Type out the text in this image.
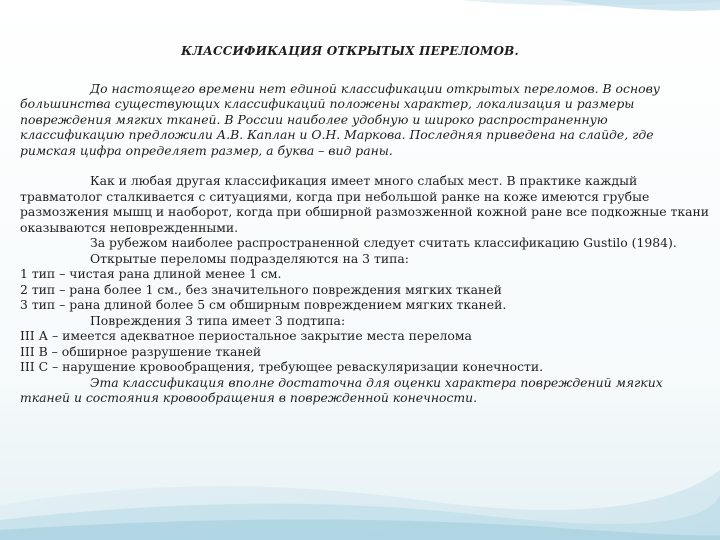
КЛАССИФИКАЦИЯ ОТКРЫТЫХ ПЕРЕЛОМОВ.

До настоящего времени нет единой классификации открытых переломов. В основу большинства существующих классификаций положены характер, локализация и размеры повреждения мягких тканей. В России наиболее удобную и широко распространенную классификацию предложили А.В. Каплан и О.Н. Маркова. Последняя приведена на слайде, где римская цифра определяет размер, а буква – вид раны.

Как и любая другая классификация имеет много слабых мест. В практике каждый травматолог сталкивается с ситуациями, когда при небольшой ранке на коже имеются грубые размозжения мышц и наоборот, когда при обширной размозженной кожной ране все подкожные ткани оказываются неповрежденными.

За рубежом наиболее распространенной следует считать классификацию Gustilo (1984).

Открытые переломы подразделяются на 3 типа:

1 тип – чистая рана длиной менее 1 см.

2 тип – рана более 1 см., без значительного повреждения мягких тканей

3 тип – рана длиной более 5 см обширным повреждением мягких тканей.

Повреждения 3 типа имеет 3 подтипа:

III А – имеется адекватное периостальное закрытие места перелома

III В – обширное разрушение тканей

III С – нарушение кровообращения, требующее реваскуляризации конечности.

Эта классификация вполне достаточна для оценки характера повреждений мягких тканей и состояния кровообращения в поврежденной конечности.
